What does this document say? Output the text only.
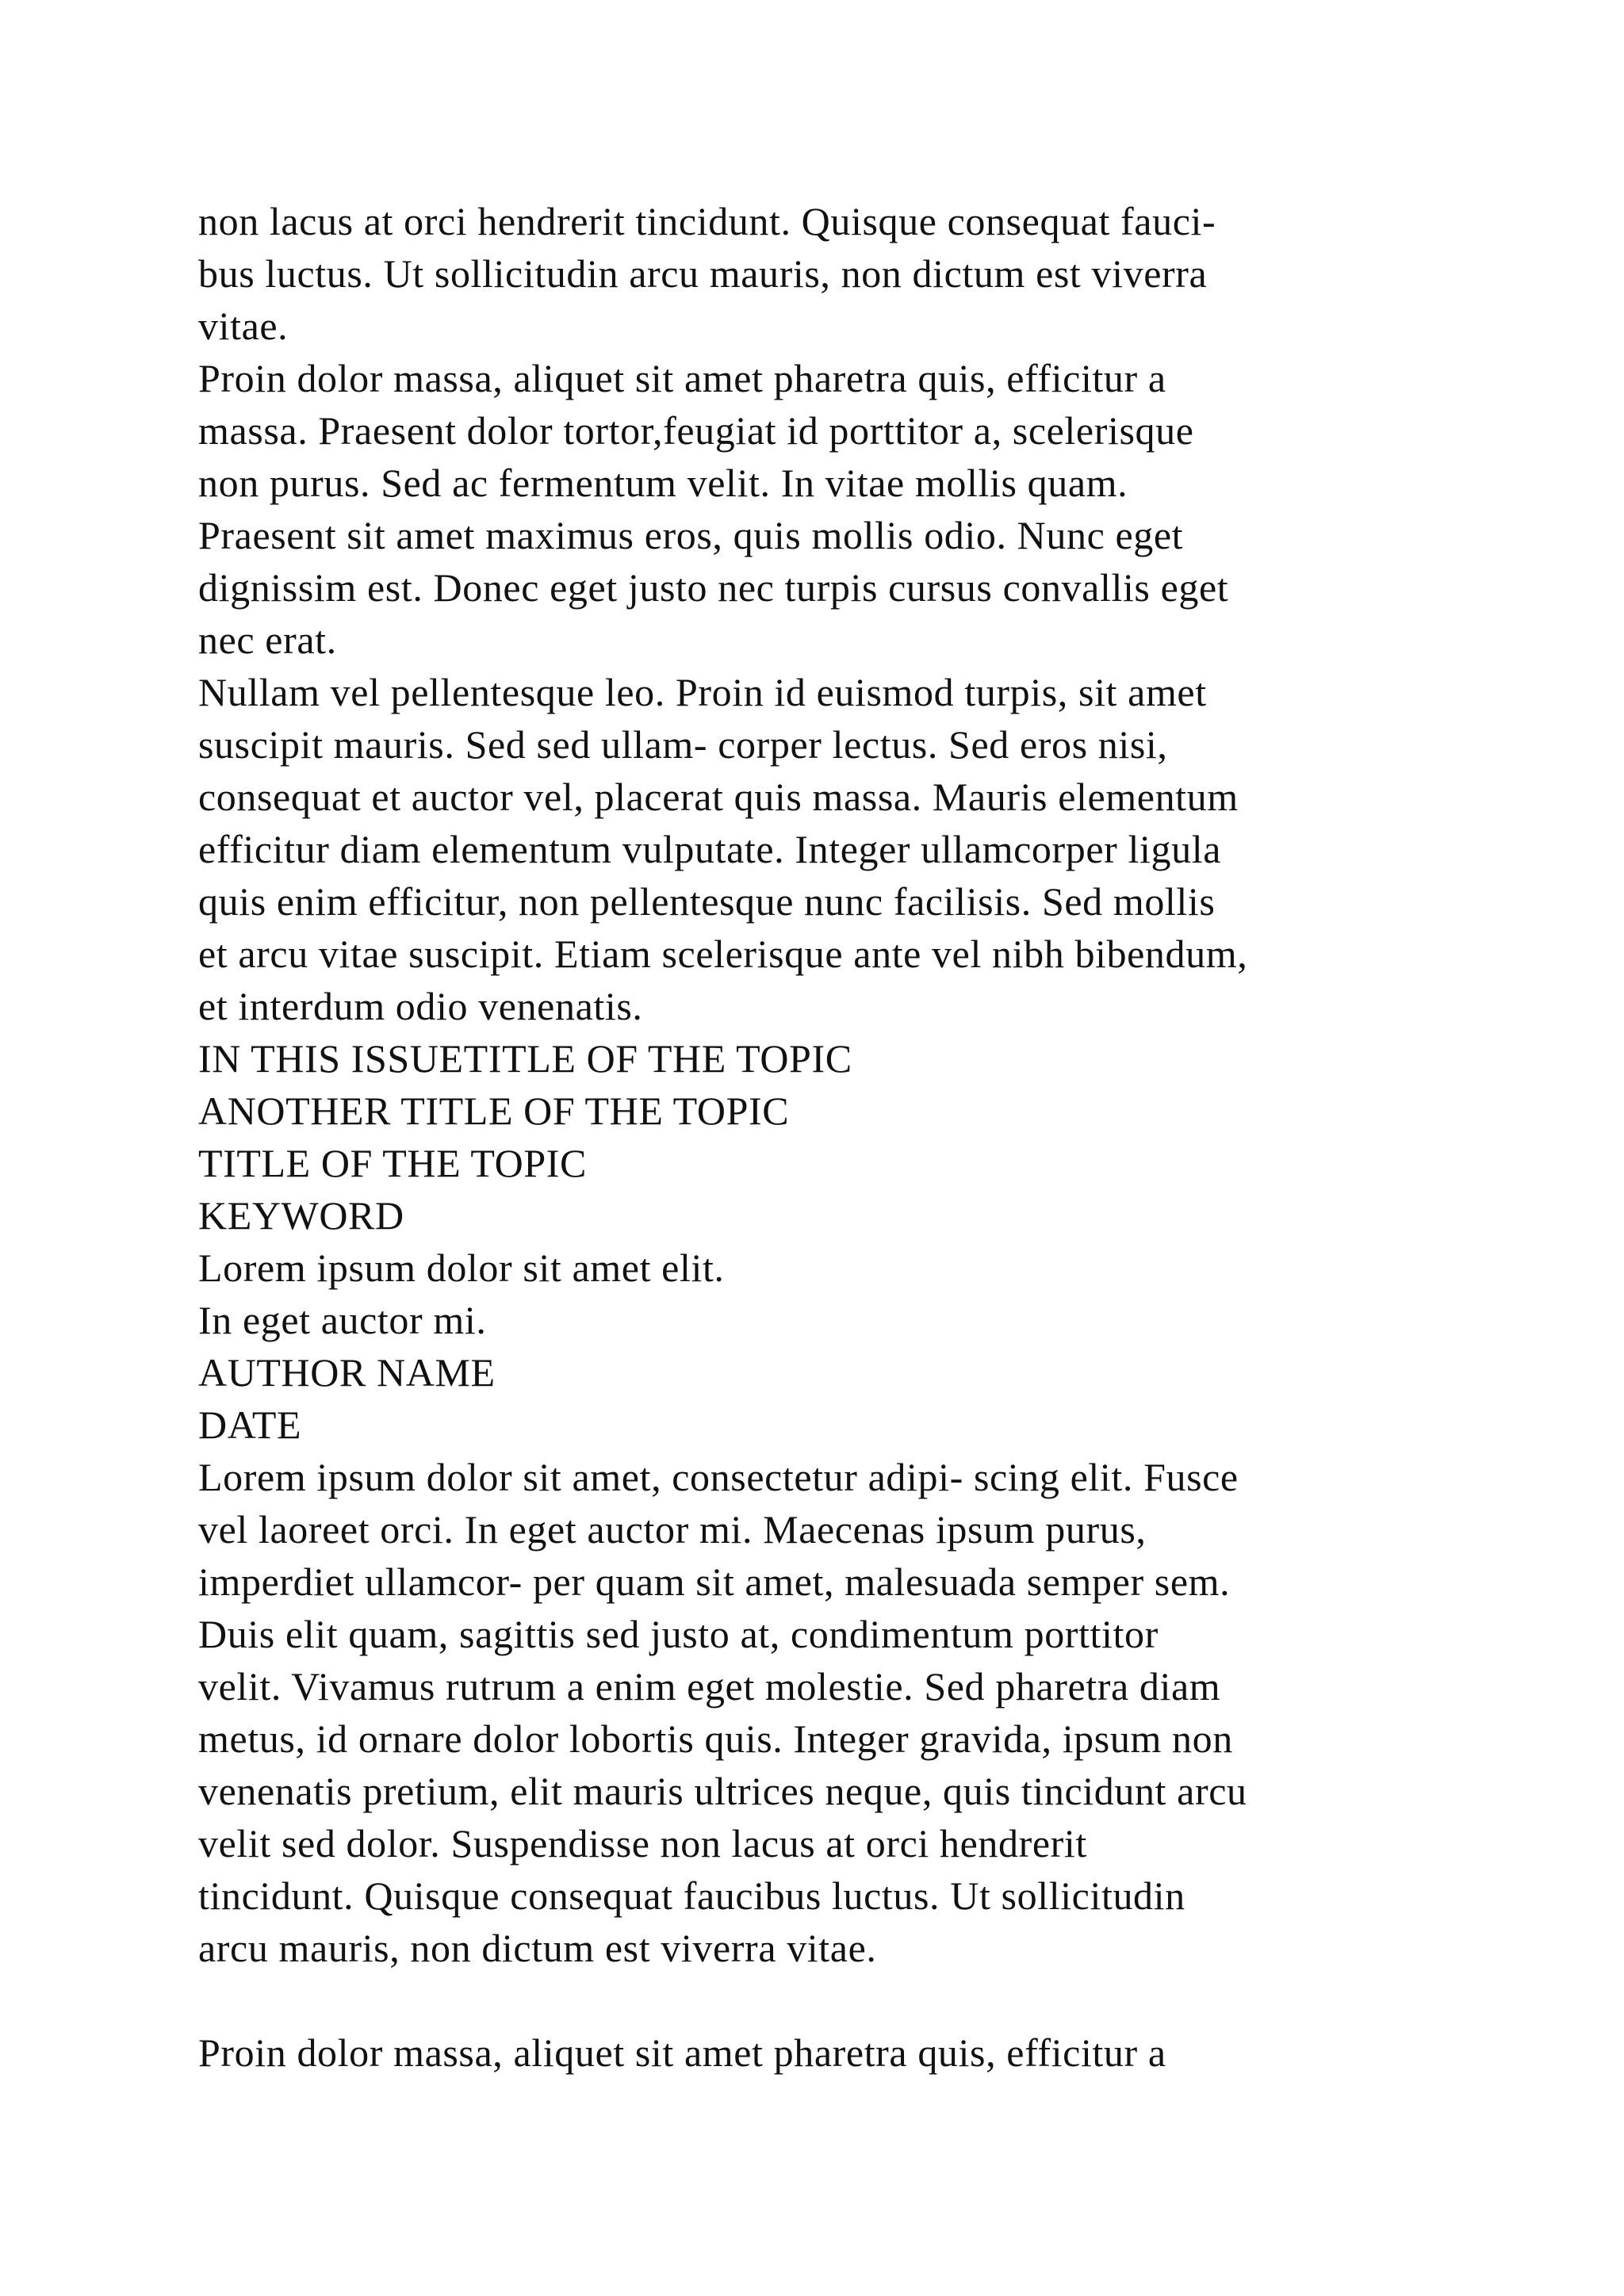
non lacus at orci hendrerit tincidunt. Quisque consequat fauci-
bus luctus. Ut sollicitudin arcu mauris, non dictum est viverra
vitae.
Proin dolor massa, aliquet sit amet pharetra quis, efficitur a
massa. Praesent dolor tortor,feugiat id porttitor a, scelerisque
non purus. Sed ac fermentum velit. In vitae mollis quam.
Praesent sit amet maximus eros, quis mollis odio. Nunc eget
dignissim est. Donec eget justo nec turpis cursus convallis eget
nec erat.
Nullam vel pellentesque leo. Proin id euismod turpis, sit amet
suscipit mauris. Sed sed ullam- corper lectus. Sed eros nisi,
consequat et auctor vel, placerat quis massa. Mauris elementum
efficitur diam elementum vulputate. Integer ullamcorper ligula
quis enim efficitur, non pellentesque nunc facilisis. Sed mollis
et arcu vitae suscipit. Etiam scelerisque ante vel nibh bibendum,
et interdum odio venenatis.
IN THIS ISSUETITLE OF THE TOPIC
ANOTHER TITLE OF THE TOPIC
TITLE OF THE TOPIC
KEYWORD
Lorem ipsum dolor sit amet elit.
In eget auctor mi.
AUTHOR NAME
DATE
Lorem ipsum dolor sit amet, consectetur adipi- scing elit. Fusce
vel laoreet orci. In eget auctor mi. Maecenas ipsum purus,
imperdiet ullamcor- per quam sit amet, malesuada semper sem.
Duis elit quam, sagittis sed justo at, condimentum porttitor
velit. Vivamus rutrum a enim eget molestie. Sed pharetra diam
metus, id ornare dolor lobortis quis. Integer gravida, ipsum non
venenatis pretium, elit mauris ultrices neque, quis tincidunt arcu
velit sed dolor. Suspendisse non lacus at orci hendrerit
tincidunt. Quisque consequat faucibus luctus. Ut sollicitudin
arcu mauris, non dictum est viverra vitae.
Proin dolor massa, aliquet sit amet pharetra quis, efficitur a
